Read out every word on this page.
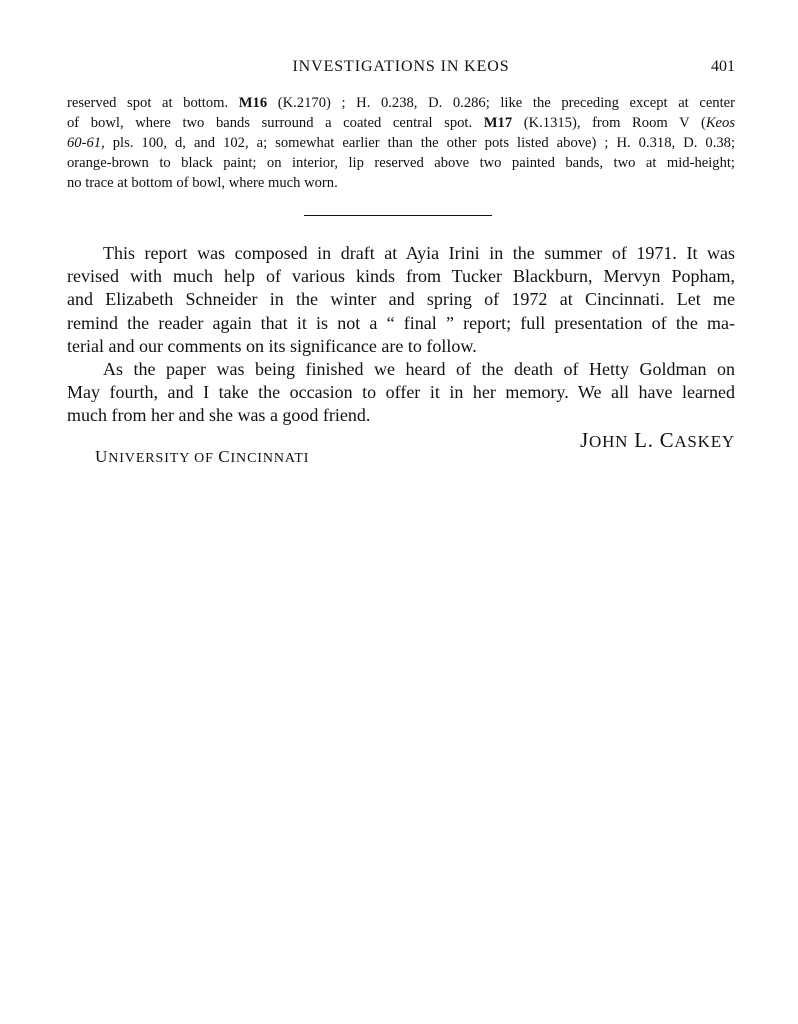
INVESTIGATIONS IN KEOS	401
reserved spot at bottom. M16 (K.2170) ; H. 0.238, D. 0.286; like the preceding except at center
of bowl, where two bands surround a coated central spot. M17 (K.1315), from Room V (Keos
60-61, pls. 100, d, and 102, a; somewhat earlier than the other pots listed above) ; H. 0.318, D. 0.38;
orange-brown to black paint; on interior, lip reserved above two painted bands, two at mid-height;
no trace at bottom of bowl, where much worn.
This report was composed in draft at Ayia Irini in the summer of 1971. It was
revised with much help of various kinds from Tucker Blackburn, Mervyn Popham,
and Elizabeth Schneider in the winter and spring of 1972 at Cincinnati. Let me
remind the reader again that it is not a “ final ” report; full presentation of the ma-
terial and our comments on its significance are to follow.
As the paper was being finished we heard of the death of Hetty Goldman on
May fourth, and I take the occasion to offer it in her memory. We all have learned
much from her and she was a good friend.
JOHN L. CASKEY
UNIVERSITY OF CINCINNATI
